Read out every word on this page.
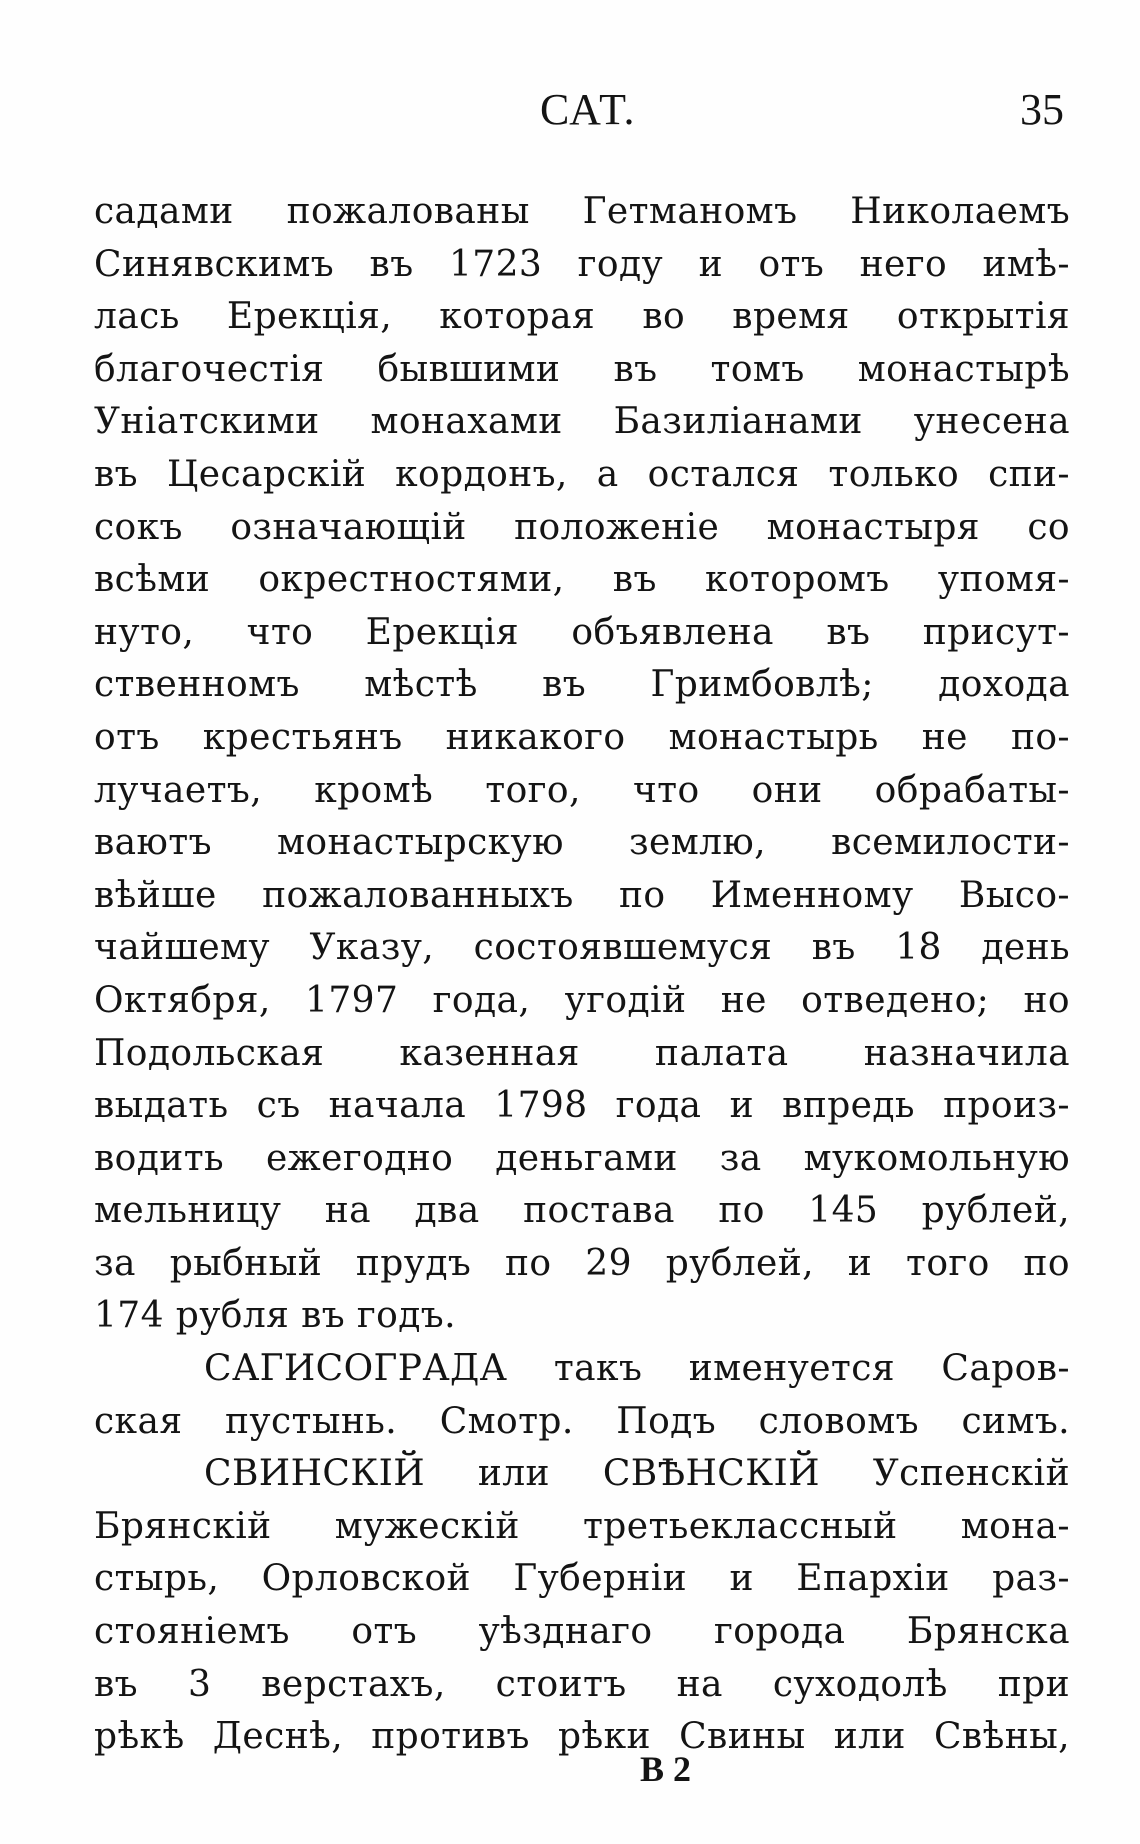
САТ.	35
садами пожалованы Гетманомъ Николаемъ
Синявскимъ въ 1723 году и отъ него имѣ-
лась Ерекція, которая во время открытія
благочестія бывшими въ томъ монастырѣ
Уніатскими монахами Базиліанами унесена
въ Цесарскій кордонъ, а остался только спи-
сокъ означающій положеніе монастыря со
всѣми окрестностями, въ которомъ упомя-
нуто, что Ерекція объявлена въ присут-
ственномъ мѣстѣ въ Гримбовлѣ; дохода
отъ крестьянъ никакого монастырь не по-
лучаетъ, кромѣ того, что они обрабаты-
ваютъ монастырскую землю, всемилости-
вѣйше пожалованныхъ по Именному Высо-
чайшему Указу, состоявшемуся въ 18 день
Октября, 1797 года, угодій не отведено; но
Подольская казенная палата назначила
выдать съ начала 1798 года и впредь произ-
водить ежегодно деньгами за мукомольную
мельницу на два постава по 145 рублей,
за рыбный прудъ по 29 рублей, и того по
174 рубля въ годъ.
САГИСОГРАДА такъ именуется Саров-
ская пустынь. Смотр. Подъ словомъ симъ.
СВИНСКІЙ или СВѢНСКІЙ Успенскій
Брянскій мужескій третьеклассный мона-
стырь, Орловской Губерніи и Епархіи раз-
стояніемъ отъ уѣзднаго города Брянска
въ 3 верстахъ, стоитъ на суходолѣ при
рѣкѣ Деснѣ, противъ рѣки Свины или Свѣны,
В 2
